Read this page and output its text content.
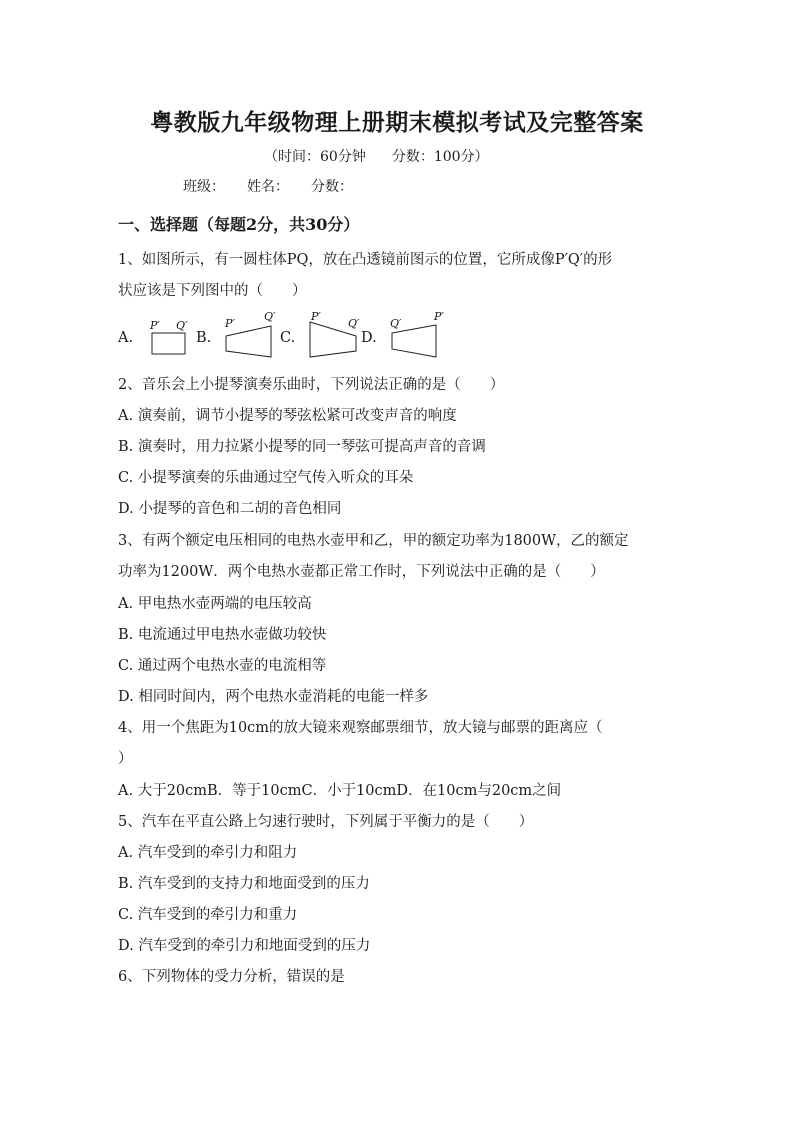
粤教版九年级物理上册期末模拟考试及完整答案
（时间：60分钟 分数：100分）
班级： 姓名： 分数：
一、选择题（每题2分，共30分）
1、如图所示，有一圆柱体PQ，放在凸透镜前图示的位置，它所成像P′Q′的形
状应该是下列图中的（　　）
A.	B.	C.	D.
P′ Q′	P′
Q′	P′
Q′	Q′
P′
2、音乐会上小提琴演奏乐曲时，下列说法正确的是（　　）
A. 演奏前，调节小提琴的琴弦松紧可改变声音的响度
B. 演奏时，用力拉紧小提琴的同一琴弦可提高声音的音调
C. 小提琴演奏的乐曲通过空气传入听众的耳朵
D. 小提琴的音色和二胡的音色相同
3、有两个额定电压相同的电热水壶甲和乙，甲的额定功率为1800W，乙的额定
功率为1200W．两个电热水壶都正常工作时，下列说法中正确的是（　　）
A. 甲电热水壶两端的电压较高
B. 电流通过甲电热水壶做功较快
C. 通过两个电热水壶的电流相等
D. 相同时间内，两个电热水壶消耗的电能一样多
4、用一个焦距为10cm的放大镜来观察邮票细节，放大镜与邮票的距离应（
）
A. 大于20cmB．等于10cmC．小于10cmD．在10cm与20cm之间
5、汽车在平直公路上匀速行驶时，下列属于平衡力的是（　　）
A. 汽车受到的牵引力和阻力
B. 汽车受到的支持力和地面受到的压力
C. 汽车受到的牵引力和重力
D. 汽车受到的牵引力和地面受到的压力
6、下列物体的受力分析，错误的是
